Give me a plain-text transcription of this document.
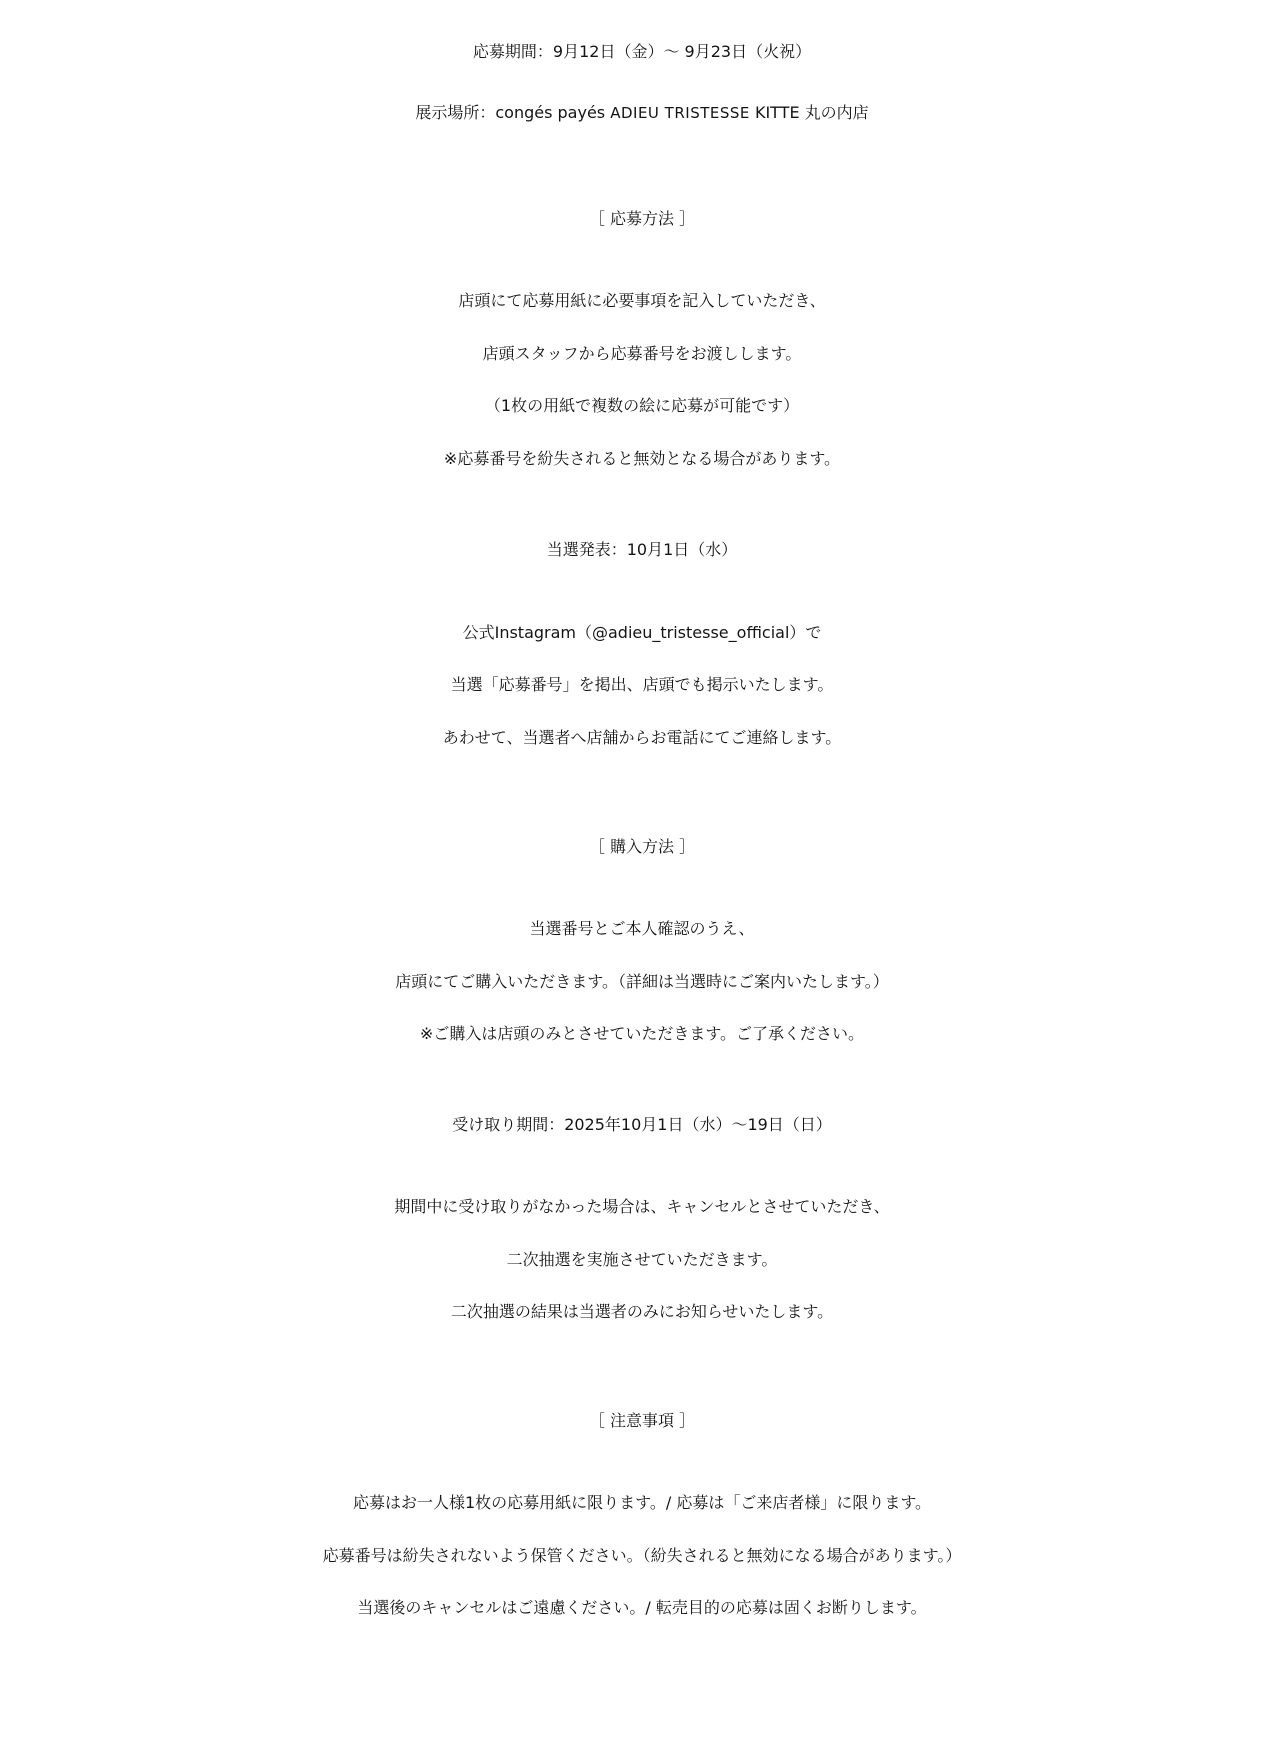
応募期間：9月12日（金）〜 9月23日（火祝）
展示場所：congés payés ADIEU TRISTESSE KITTE 丸の内店
［ 応募方法 ］
店頭にて応募用紙に必要事項を記入していただき、
店頭スタッフから応募番号をお渡しします。
（1枚の用紙で複数の絵に応募が可能です）
※応募番号を紛失されると無効となる場合があります。
当選発表：10月1日（水）
公式Instagram（@adieu_tristesse_official）で
当選「応募番号」を掲出、店頭でも掲示いたします。
あわせて、当選者へ店舗からお電話にてご連絡します。
［ 購入方法 ］
当選番号とご本人確認のうえ、
店頭にてご購入いただきます。（詳細は当選時にご案内いたします。）
※ご購入は店頭のみとさせていただきます。ご了承ください。
受け取り期間：2025年10月1日（水）〜19日（日）
期間中に受け取りがなかった場合は、キャンセルとさせていただき、
二次抽選を実施させていただきます。
二次抽選の結果は当選者のみにお知らせいたします。
［ 注意事項 ］
応募はお一人様1枚の応募用紙に限ります。/ 応募は「ご来店者様」に限ります。
応募番号は紛失されないよう保管ください。（紛失されると無効になる場合があります。）
当選後のキャンセルはご遠慮ください。/ 転売目的の応募は固くお断りします。
